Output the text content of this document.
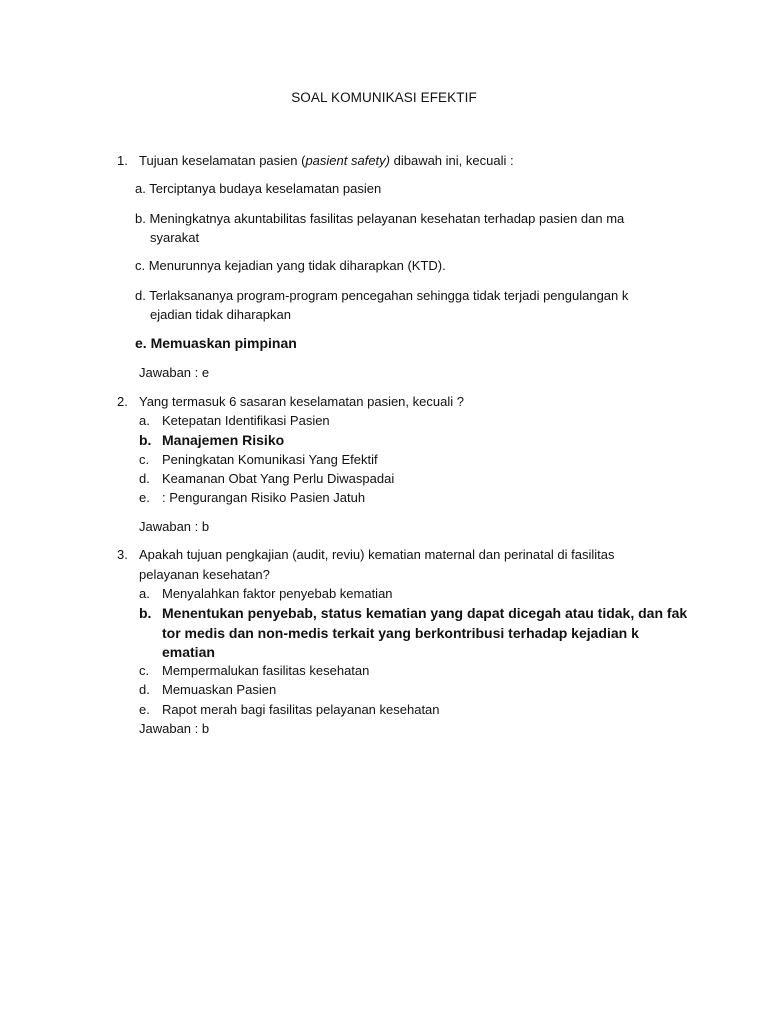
SOAL KOMUNIKASI EFEKTIF
1. Tujuan keselamatan pasien (pasient safety) dibawah ini, kecuali :
a. Terciptanya budaya keselamatan pasien
b. Meningkatnya akuntabilitas fasilitas pelayanan kesehatan terhadap pasien dan ma
syarakat
c. Menurunnya kejadian yang tidak diharapkan (KTD).
d. Terlaksananya program-program pencegahan sehingga tidak terjadi pengulangan k
ejadian tidak diharapkan
e. Memuaskan pimpinan
Jawaban : e
2. Yang termasuk 6 sasaran keselamatan pasien, kecuali ?
a. Ketepatan Identifikasi Pasien
b. Manajemen Risiko
c. Peningkatan Komunikasi Yang Efektif
d. Keamanan Obat Yang Perlu Diwaspadai
e. : Pengurangan Risiko Pasien Jatuh
Jawaban : b
3. Apakah tujuan pengkajian (audit, reviu) kematian maternal dan perinatal di fasilitas
pelayanan kesehatan?
a. Menyalahkan faktor penyebab kematian
b. Menentukan penyebab, status kematian yang dapat dicegah atau tidak, dan fak
tor medis dan non-medis terkait yang berkontribusi terhadap kejadian k
ematian
c. Mempermalukan fasilitas kesehatan
d. Memuaskan Pasien
e. Rapot merah bagi fasilitas pelayanan kesehatan
Jawaban : b
